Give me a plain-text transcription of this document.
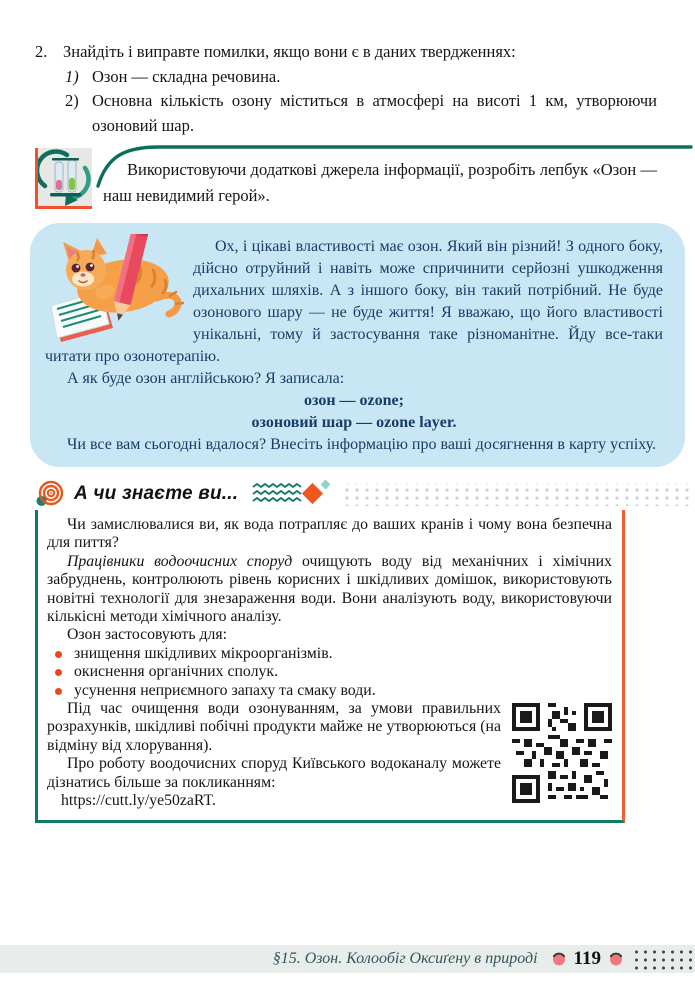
2. Знайдіть і виправте помилки, якщо вони є в даних твердженнях:
1) Озон — складна речовина.
2) Основна кількість озону міститься в атмосфері на висоті 1 км, утворюючи озоновий шар.

Використовуючи додаткові джерела інформації, розробіть лепбук «Озон — наш невидимий герой».

Ох, і цікаві властивості має озон. Який він різний! З одного боку, дійсно отруйний і навіть може спричинити серйозні ушкодження дихальних шляхів. А з іншого боку, він такий потрібний. Не буде озонового шару — не буде життя! Я вважаю, що його властивості унікальні, тому й застосування таке різноманітне. Йду все-таки читати про озонотерапію.

А як буде озон англійською? Я записала:

озон — ozone;

озоновий шар — ozone layer.

Чи все вам сьогодні вдалося? Внесіть інформацію про ваші досягнення в карту успіху.

А чи знаєте ви...

Чи замислювалися ви, як вода потрапляє до ваших кранів і чому вона безпечна для пиття?

Працівники водоочисних споруд очищують воду від механічних і хімічних забруднень, контролюють рівень корисних і шкідливих домішок, використовують новітні технології для знезараження води. Вони аналізують воду, використовуючи кількісні методи хімічного аналізу.

Озон застосовують для:

знищення шкідливих мікроорганізмів.
окиснення органічних сполук.
усунення неприємного запаху та смаку води.

Під час очищення води озонуванням, за умови правильних розрахунків, шкідливі побічні продукти майже не утворюються (на відміну від хлорування).

Про роботу воодочисних споруд Київського водоканалу можете дізнатись більше за покликанням:

https://cutt.ly/ye50zaRT.

§15. Озон. Колообіг Оксиґену в природі 119
